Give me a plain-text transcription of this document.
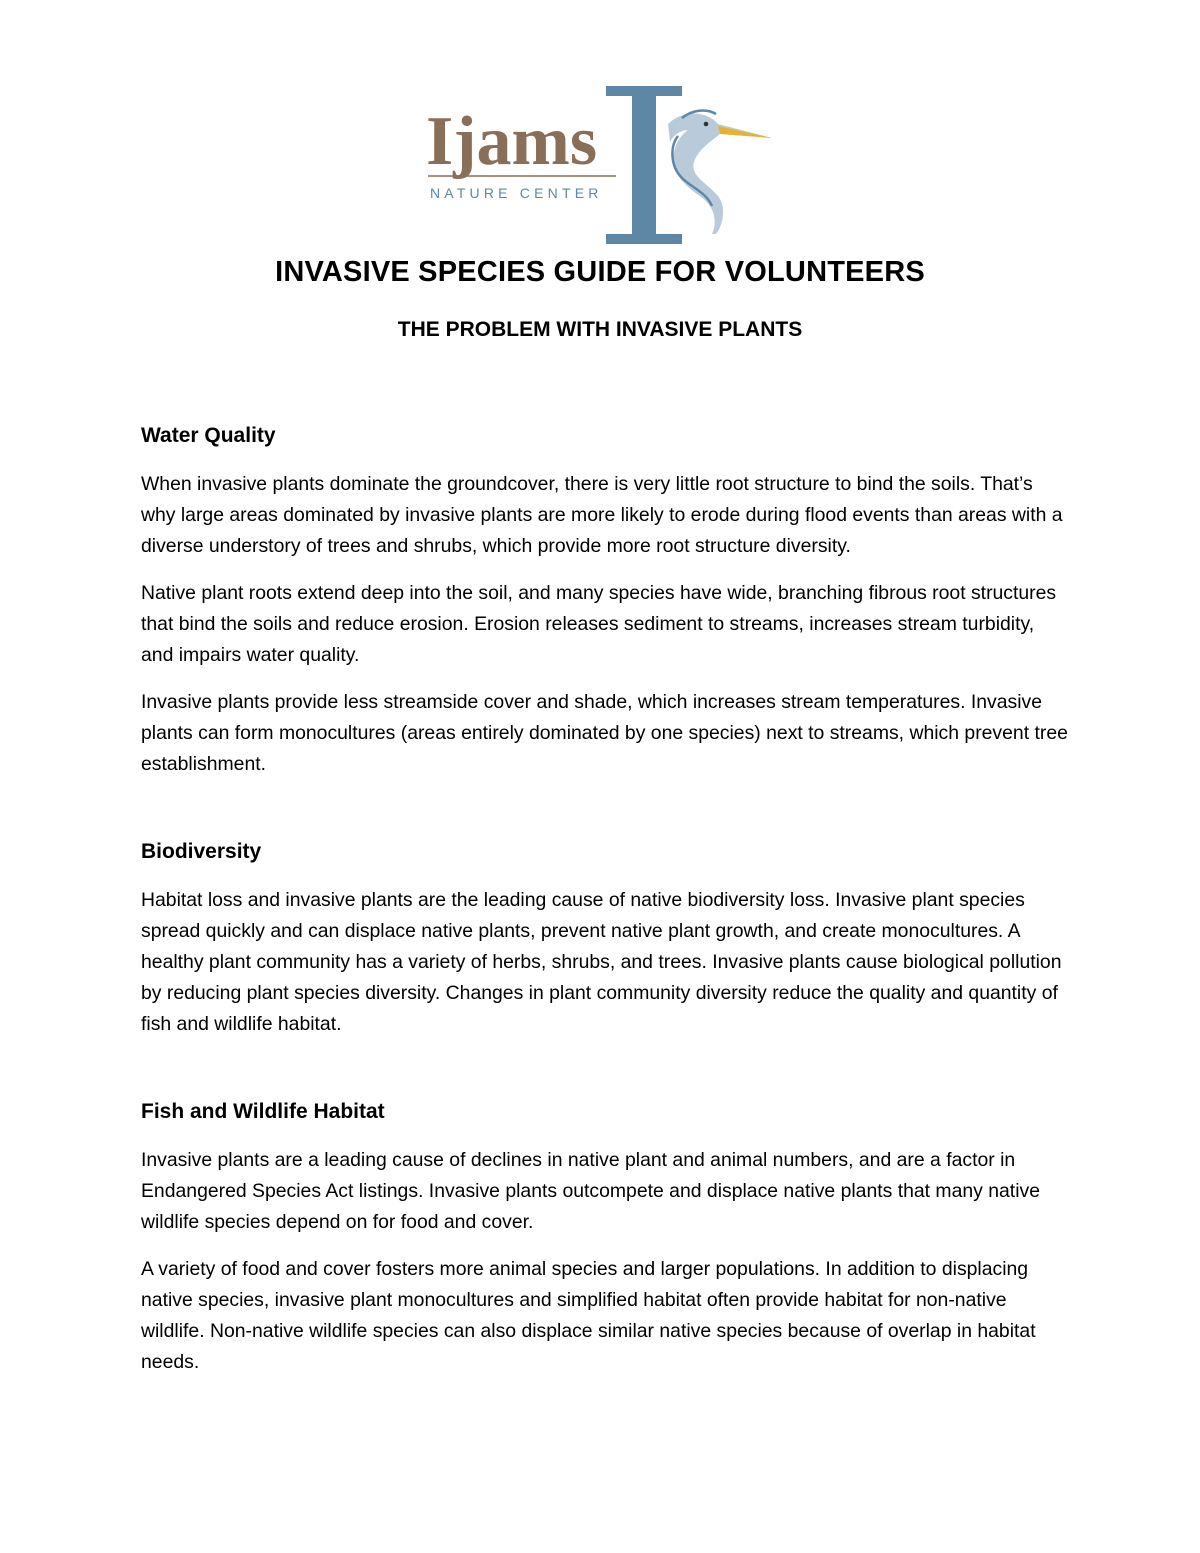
Ijams
NATURE CENTER
INVASIVE SPECIES GUIDE FOR VOLUNTEERS
THE PROBLEM WITH INVASIVE PLANTS
Water Quality

When invasive plants dominate the groundcover, there is very little root structure to bind the soils. That’s why large areas dominated by invasive plants are more likely to erode during flood events than areas with a diverse understory of trees and shrubs, which provide more root structure diversity.

Native plant roots extend deep into the soil, and many species have wide, branching fibrous root structures that bind the soils and reduce erosion. Erosion releases sediment to streams, increases stream turbidity, and impairs water quality.

Invasive plants provide less streamside cover and shade, which increases stream temperatures. Invasive plants can form monocultures (areas entirely dominated by one species) next to streams, which prevent tree establishment.

Biodiversity

Habitat loss and invasive plants are the leading cause of native biodiversity loss. Invasive plant species spread quickly and can displace native plants, prevent native plant growth, and create monocultures. A healthy plant community has a variety of herbs, shrubs, and trees. Invasive plants cause biological pollution by reducing plant species diversity. Changes in plant community diversity reduce the quality and quantity of fish and wildlife habitat.

Fish and Wildlife Habitat

Invasive plants are a leading cause of declines in native plant and animal numbers, and are a factor in Endangered Species Act listings. Invasive plants outcompete and displace native plants that many native wildlife species depend on for food and cover.

A variety of food and cover fosters more animal species and larger populations. In addition to displacing native species, invasive plant monocultures and simplified habitat often provide habitat for non-native wildlife. Non-native wildlife species can also displace similar native species because of overlap in habitat needs.
